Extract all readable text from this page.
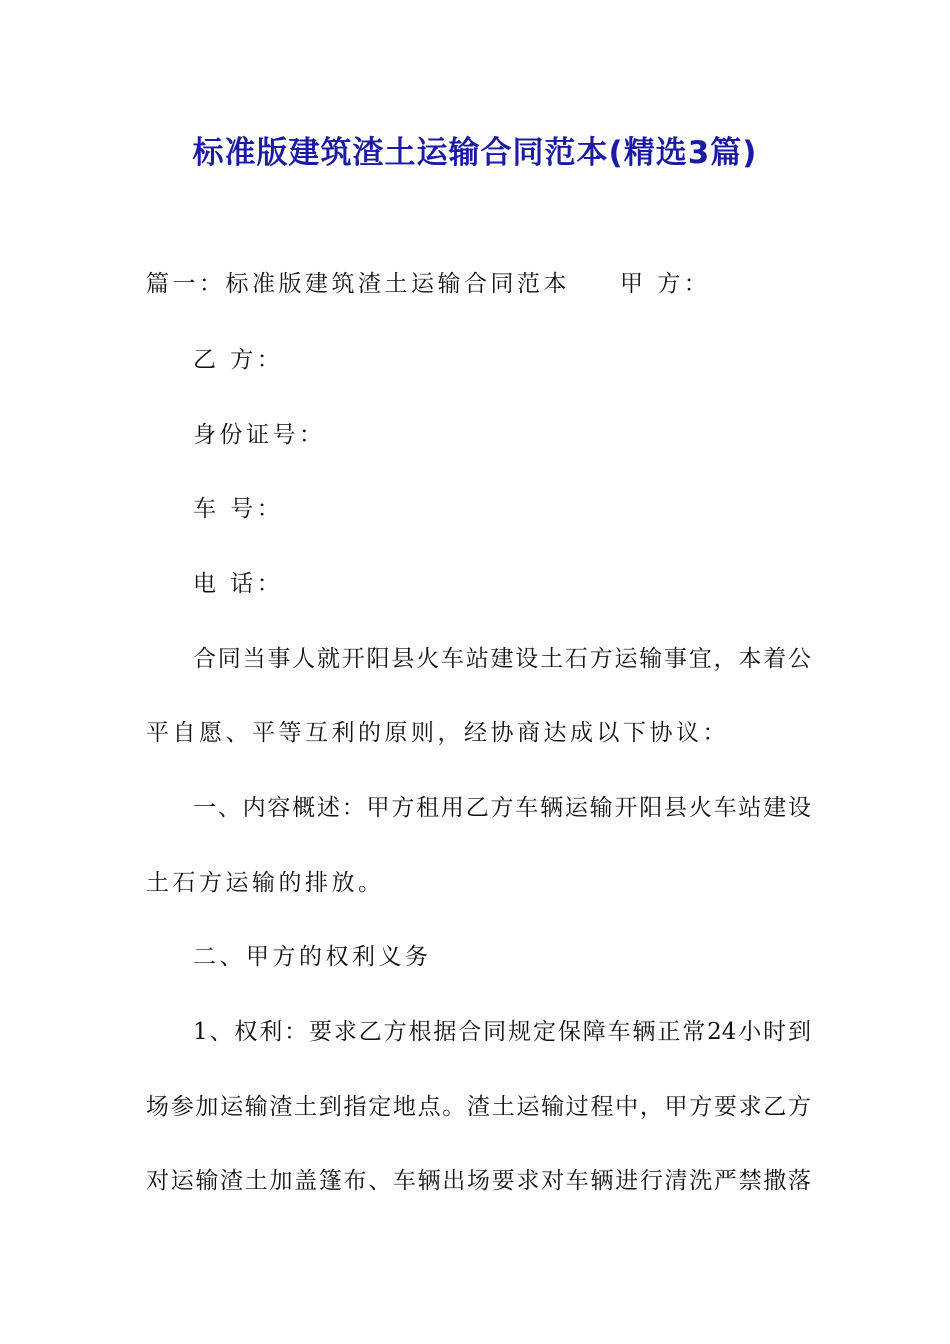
标准版建筑渣土运输合同范本(精选3篇)

篇一：标准版建筑渣土运输合同范本 甲 方：

乙 方：

身份证号：

车 号：

电 话：

合同当事人就开阳县火车站建设土石方运输事宜，本着公

平自愿、平等互利的原则，经协商达成以下协议：

一、内容概述：甲方租用乙方车辆运输开阳县火车站建设

土石方运输的排放。

二、甲方的权利义务

1、权利：要求乙方根据合同规定保障车辆正常24小时到

场参加运输渣土到指定地点。渣土运输过程中，甲方要求乙方

对运输渣土加盖篷布、车辆出场要求对车辆进行清洗严禁撒落
